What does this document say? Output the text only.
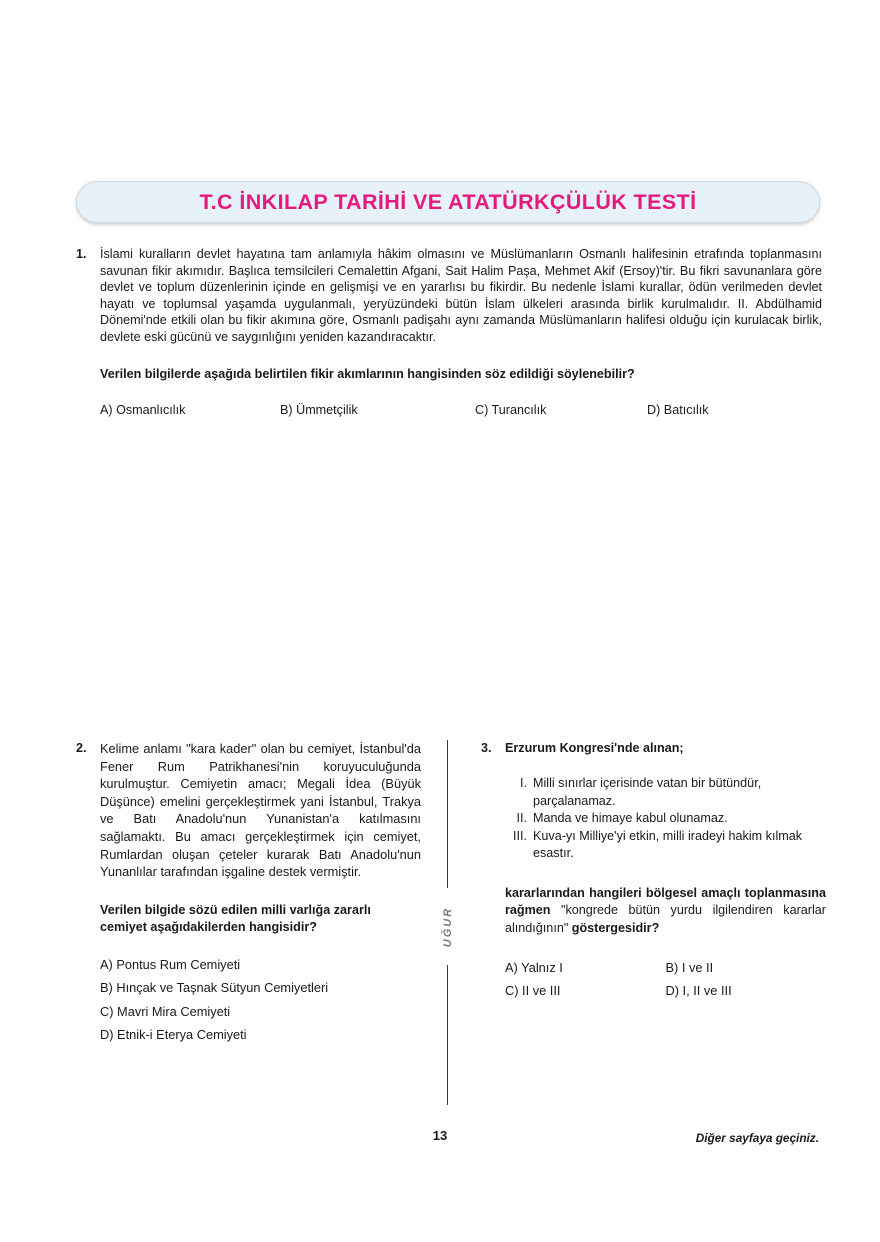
T.C İNKILAP TARİHİ VE ATATÜRKÇÜLÜK TESTİ
1.	İslami kuralların devlet hayatına tam anlamıyla hâkim olmasını ve Müslümanların Osmanlı halifesinin etrafında toplanmasını savunan fikir akımıdır. Başlıca temsilcileri Cemalettin Afgani, Sait Halim Paşa, Mehmet Akif (Ersoy)'tir. Bu fikri savunanlara göre devlet ve toplum düzenlerinin içinde en gelişmişi ve en yararlısı bu fikirdir. Bu nedenle İslami kurallar, ödün verilmeden devlet hayatı ve toplumsal yaşamda uygulanmalı, yeryüzündeki bütün İslam ülkeleri arasında birlik kurulmalıdır. II. Abdülhamid Dönemi'nde etkili olan bu fikir akımına göre, Osmanlı padişahı aynı zamanda Müslümanların halifesi olduğu için kurulacak birlik, devlete eski gücünü ve saygınlığını yeniden kazandıracaktır.

Verilen bilgilerde aşağıda belirtilen fikir akımlarının hangisinden söz edildiği söylenebilir?

A) Osmanlıcılık	B) Ümmetçilik	C) Turancılık	D) Batıcılık
2.	Kelime anlamı "kara kader" olan bu cemiyet, İstanbul'da Fener Rum Patrikhanesi'nin koruyuculuğunda kurulmuştur. Cemiyetin amacı; Megali İdea (Büyük Düşünce) emelini gerçekleştirmek yani İstanbul, Trakya ve Batı Anadolu'nun Yunanistan'a katılmasını sağlamaktı. Bu amacı gerçekleştirmek için cemiyet, Rumlardan oluşan çeteler kurarak Batı Anadolu'nun Yunanlılar tarafından işgaline destek vermiştir.

Verilen bilgide sözü edilen milli varlığa zararlı cemiyet aşağıdakilerden hangisidir?

A) Pontus Rum Cemiyeti
B) Hınçak ve Taşnak Sütyun Cemiyetleri
C) Mavri Mira Cemiyeti
D) Etnik-i Eterya Cemiyeti
UĞUR
3.	Erzurum Kongresi'nde alınan;

I. Milli sınırlar içerisinde vatan bir bütündür, parçalanamaz.
II. Manda ve himaye kabul olunamaz.
III. Kuva-yı Milliye'yi etkin, milli iradeyi hakim kılmak esastır.

kararlarından hangileri bölgesel amaçlı toplanmasına rağmen "kongrede bütün yurdu ilgilendiren kararlar alındığının" göstergesidir?

A) Yalnız I	B) I ve II
C) II ve III	D) I, II ve III
13	Diğer sayfaya geçiniz.
